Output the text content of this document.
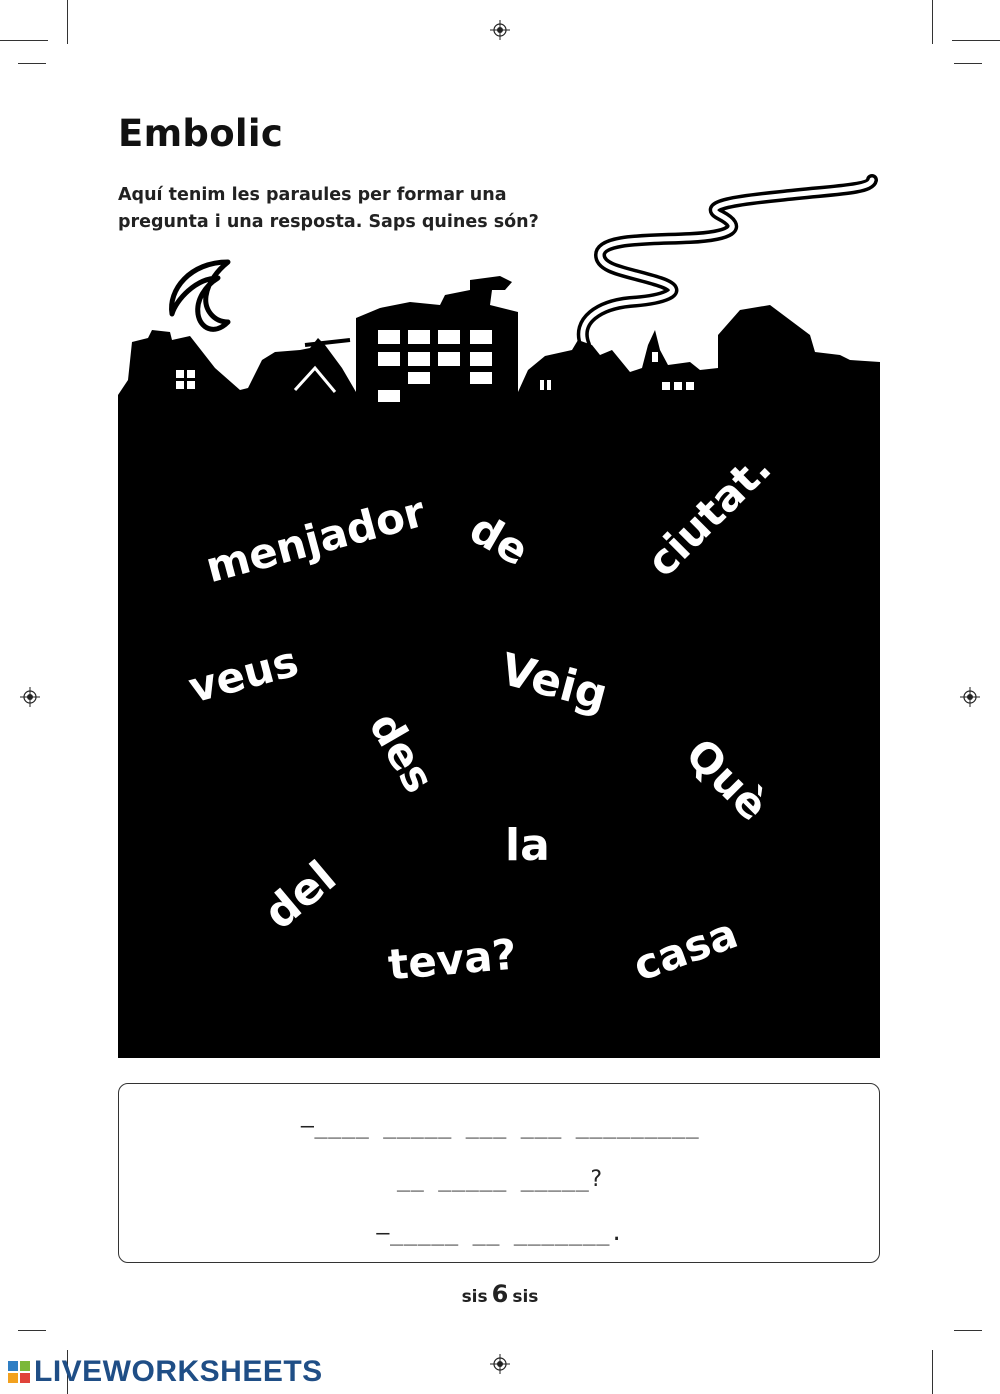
Embolic
Aquí tenim les paraules per formar una
pregunta i una resposta. Saps quines són?
menjador de ciutat.
veus	Veig
des	Què
la
del
teva?	casa
–____ _____ ___ ___ _________
__ _____ _____?
–_____ __ _______.
sis 6 sis
LIVEWORKSHEETS
